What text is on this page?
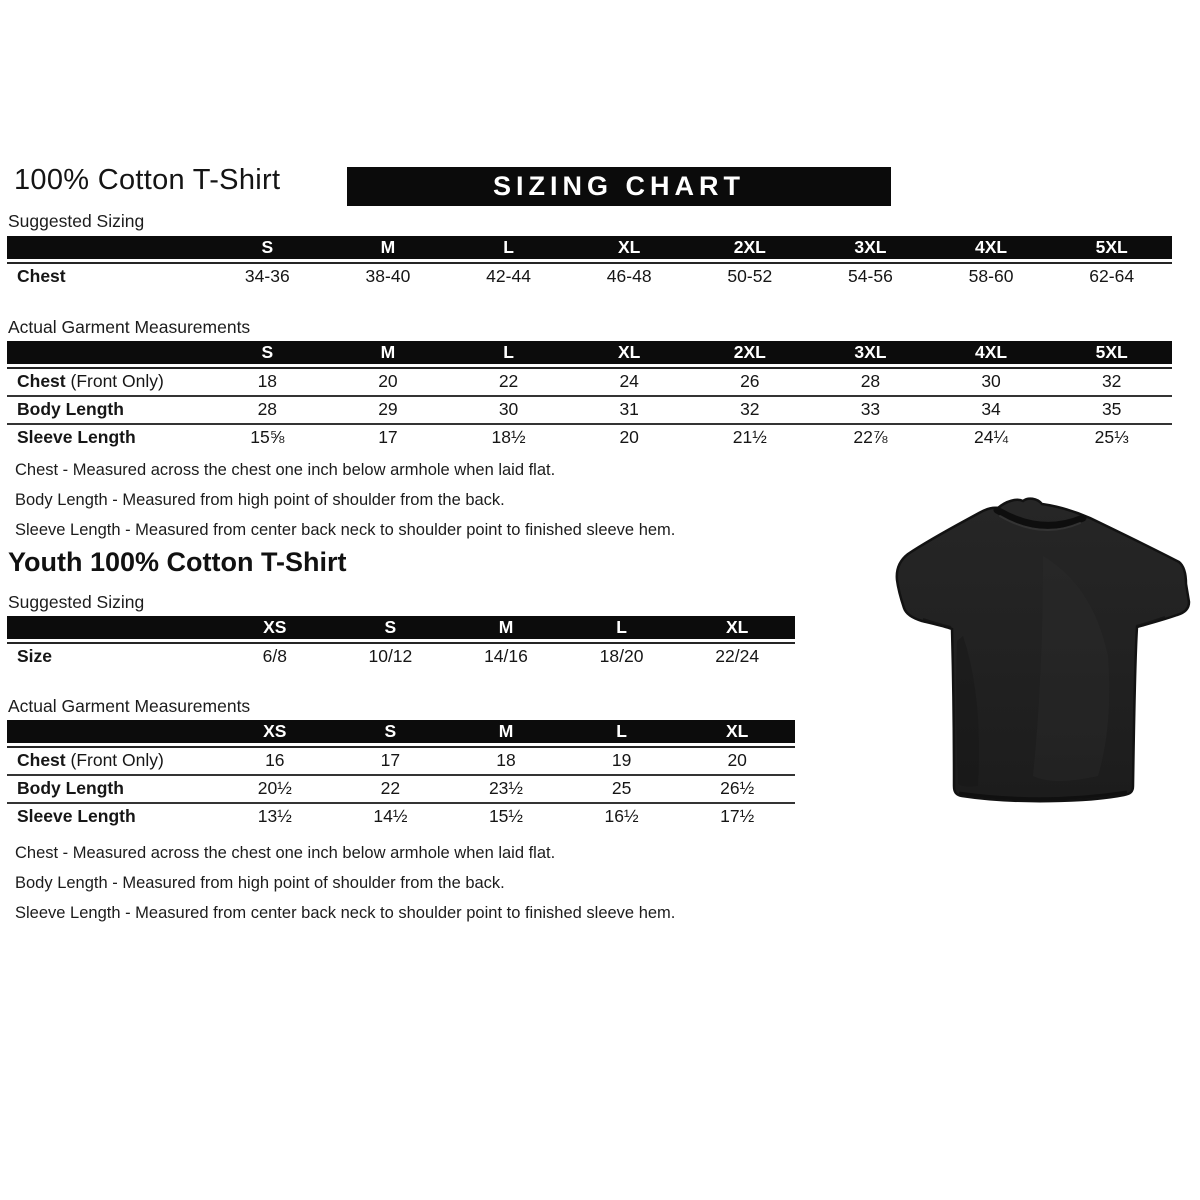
100% Cotton T-Shirt	SIZING CHART
Suggested Sizing
	S	M	L	XL	2XL	3XL	4XL	5XL

Chest	34-36	38-40	42-44	46-48	50-52	54-56	58-60	62-64
Actual Garment Measurements
	S	M	L	XL	2XL	3XL	4XL	5XL

Chest (Front Only)	18	20	22	24	26	28	30	32
Body Length	28	29	30	31	32	33	34	35
Sleeve Length	15⅝	17	18½	20	21½	22⅞	24¼	25⅓
Chest - Measured across the chest one inch below armhole when laid flat.
Body Length - Measured from high point of shoulder from the back.
Sleeve Length - Measured from center back neck to shoulder point to finished sleeve hem.
Youth 100% Cotton T-Shirt
Suggested Sizing
	XS	S	M	L	XL

Size	6/8	10/12	14/16	18/20	22/24
Actual Garment Measurements
	XS	S	M	L	XL

Chest (Front Only)	16	17	18	19	20
Body Length	20½	22	23½	25	26½
Sleeve Length	13½	14½	15½	16½	17½
Chest - Measured across the chest one inch below armhole when laid flat.
Body Length - Measured from high point of shoulder from the back.
Sleeve Length - Measured from center back neck to shoulder point to finished sleeve hem.
